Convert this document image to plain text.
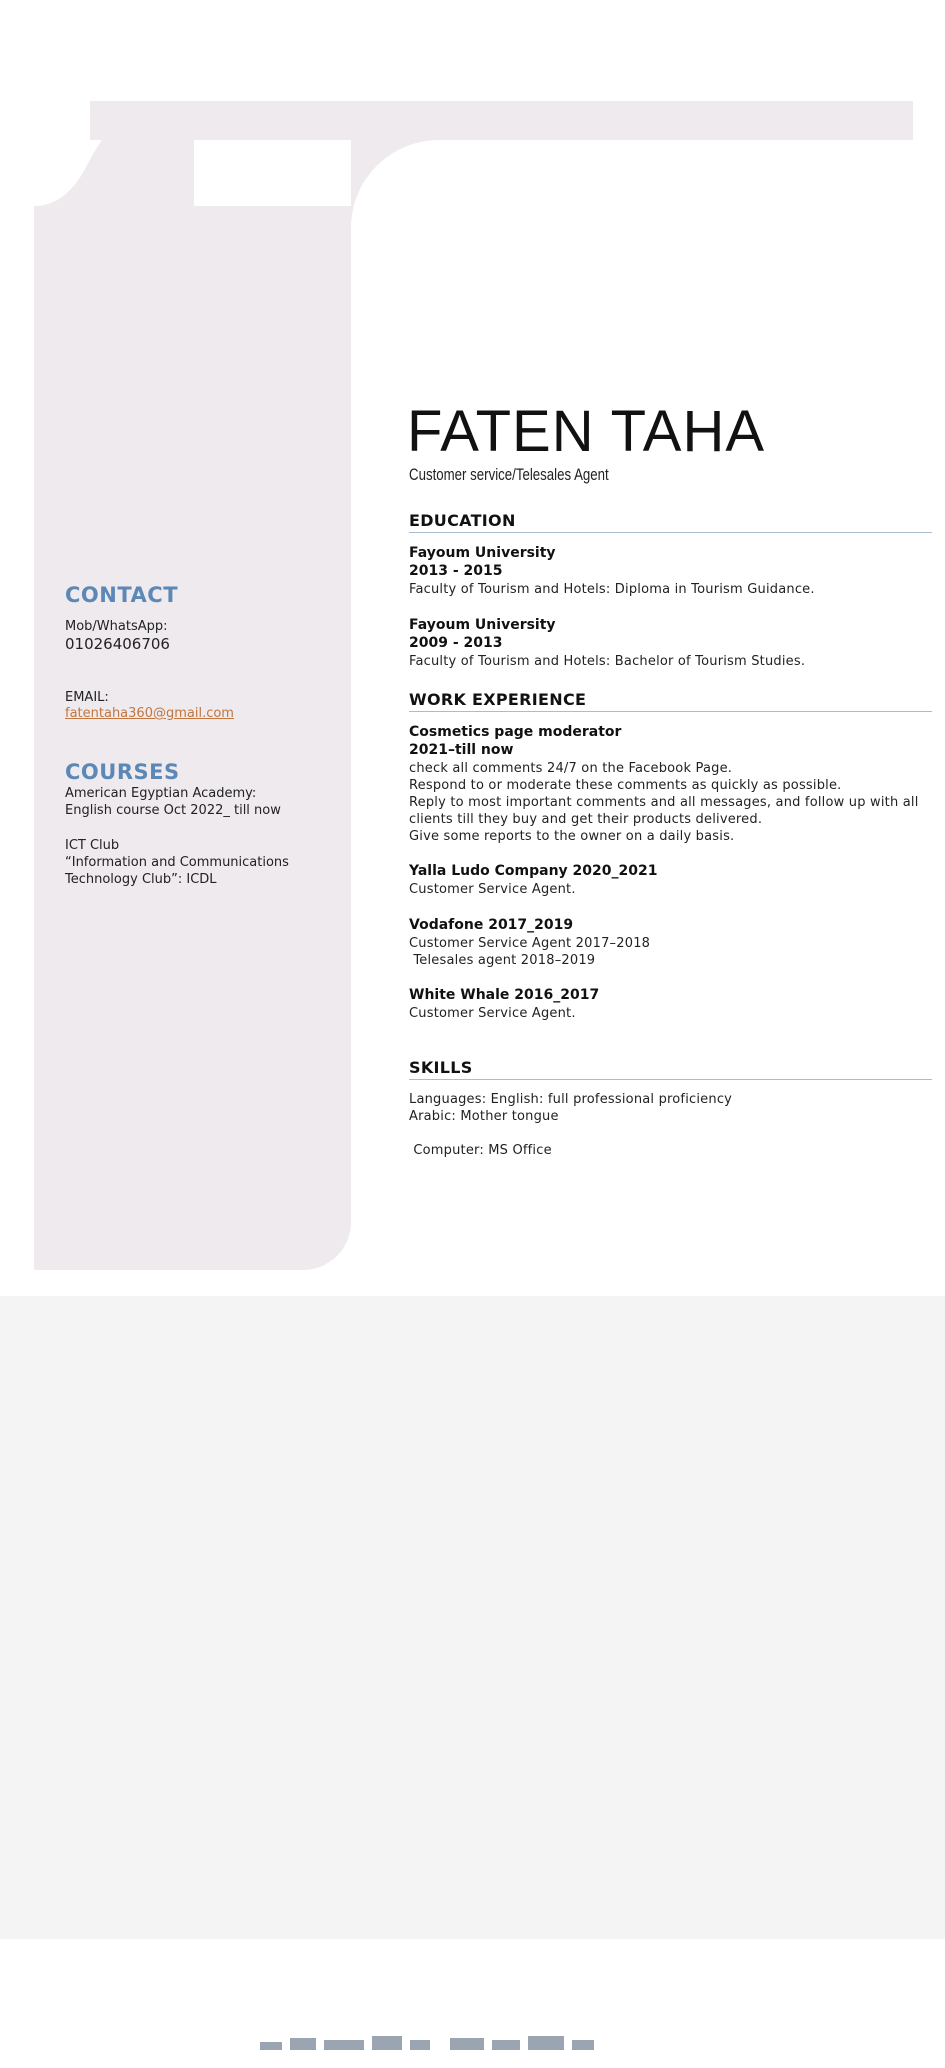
CONTACT

Mob/WhatsApp:

01026406706

EMAIL:

fatentaha360@gmail.com
COURSES

American Egyptian Academy:

English course Oct 2022_ till now

ICT Club

“Information and Communications

Technology Club”: ICDL

FATEN TAHA

Customer service/Telesales Agent

EDUCATION

Fayoum University

2013 - 2015

Faculty of Tourism and Hotels: Diploma in Tourism Guidance.

Fayoum University

2009 - 2013

Faculty of Tourism and Hotels: Bachelor of Tourism Studies.

WORK EXPERIENCE

Cosmetics page moderator

2021–till now

check all comments 24/7 on the Facebook Page.

Respond to or moderate these comments as quickly as possible.

Reply to most important comments and all messages, and follow up with all

clients till they buy and get their products delivered.

Give some reports to the owner on a daily basis.

Yalla Ludo Company 2020_2021

Customer Service Agent.

Vodafone 2017_2019

Customer Service Agent 2017–2018

Telesales agent 2018–2019

White Whale 2016_2017

Customer Service Agent.

SKILLS

Languages: English: full professional proficiency

Arabic: Mother tongue

Computer: MS Office
